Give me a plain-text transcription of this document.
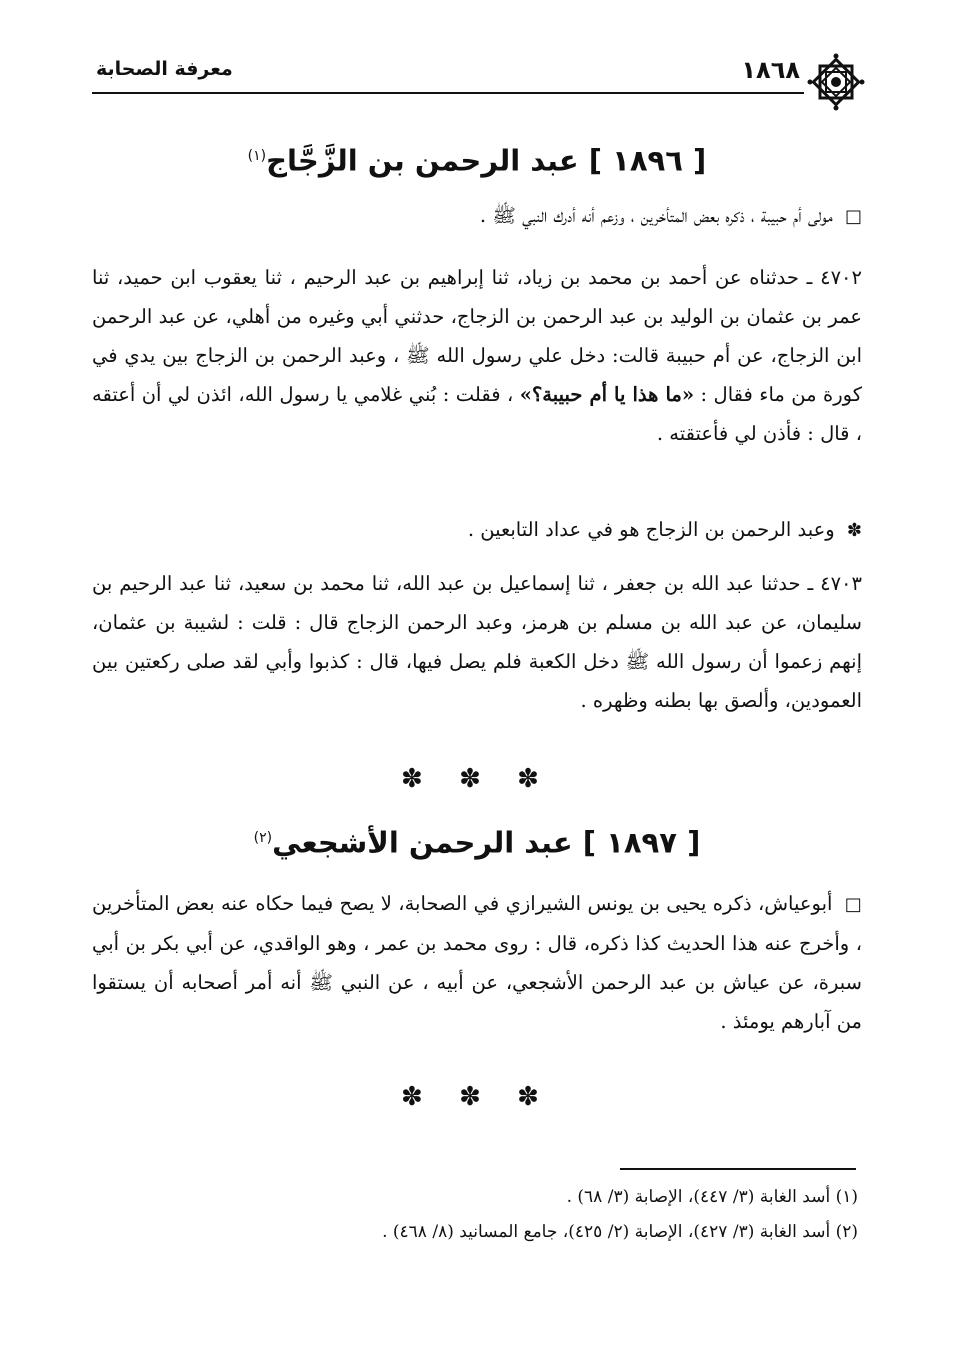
معرفة الصحابة	١٨٦٨
[ ١٨٩٦ ] عبد الرحمن بن الزَّجَّاج$^{(١)}$
□ مولى أم حبيبة ، ذكره بعض المتأخرين ، وزعم أنه أدرك النبي ﷺ .
٤٧٠٢ ـ حدثناه عن أحمد بن محمد بن زياد، ثنا إبراهيم بن عبد الرحيم ، ثنا يعقوب ابن حميد، ثنا عمر بن عثمان بن الوليد بن عبد الرحمن بن الزجاج، حدثني أبي وغيره من أهلي، عن عبد الرحمن ابن الزجاج، عن أم حبيبة قالت: دخل علي رسول الله ﷺ ، وعبد الرحمن بن الزجاج بين يدي في كورة من ماء فقال : «ما هذا يا أم حبيبة؟» ، فقلت : بُني غلامي يا رسول الله، ائذن لي أن أعتقه ، قال : فأذن لي فأعتقته .
✽ وعبد الرحمن بن الزجاج هو في عداد التابعين .
٤٧٠٣ ـ حدثنا عبد الله بن جعفر ، ثنا إسماعيل بن عبد الله، ثنا محمد بن سعيد، ثنا عبد الرحيم بن سليمان، عن عبد الله بن مسلم بن هرمز، وعبد الرحمن الزجاج قال : قلت : لشيبة بن عثمان، إنهم زعموا أن رسول الله ﷺ دخل الكعبة فلم يصل فيها، قال : كذبوا وأبي لقد صلى ركعتين بين العمودين، وألصق بها بطنه وظهره .
✽ ✽ ✽
[ ١٨٩٧ ] عبد الرحمن الأشجعي$^{(٢)}$
□ أبوعياش، ذكره يحيى بن يونس الشيرازي في الصحابة، لا يصح فيما حكاه عنه بعض المتأخرين ، وأخرج عنه هذا الحديث كذا ذكره، قال : روى محمد بن عمر ، وهو الواقدي، عن أبي بكر بن أبي سبرة، عن عياش بن عبد الرحمن الأشجعي، عن أبيه ، عن النبي ﷺ أنه أمر أصحابه أن يستقوا من آبارهم يومئذ .
✽ ✽ ✽
(١) أسد الغابة (٣/ ٤٤٧)، الإصابة (٣/ ٦٨) .
(٢) أسد الغابة (٣/ ٤٢٧)، الإصابة (٢/ ٤٢٥)، جامع المسانيد (٨/ ٤٦٨) .
